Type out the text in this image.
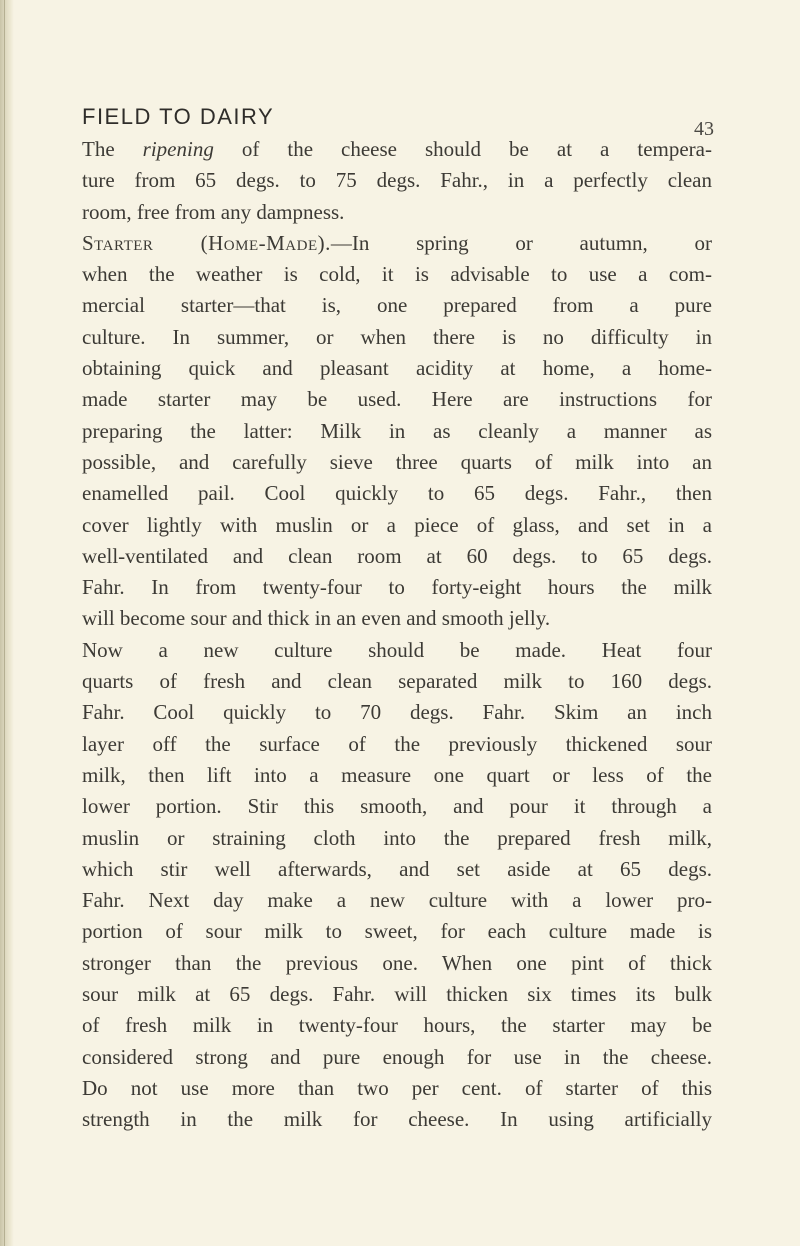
FIELD TO DAIRY	43
The ripening of the cheese should be at a tempera-
ture from 65 degs. to 75 degs. Fahr., in a perfectly clean
room, free from any dampness.
Starter (Home-Made).—In spring or autumn, or
when the weather is cold, it is advisable to use a com-
mercial starter—that is, one prepared from a pure
culture. In summer, or when there is no difficulty in
obtaining quick and pleasant acidity at home, a home-
made starter may be used. Here are instructions for
preparing the latter: Milk in as cleanly a manner as
possible, and carefully sieve three quarts of milk into an
enamelled pail. Cool quickly to 65 degs. Fahr., then
cover lightly with muslin or a piece of glass, and set in a
well-ventilated and clean room at 60 degs. to 65 degs.
Fahr. In from twenty-four to forty-eight hours the milk
will become sour and thick in an even and smooth jelly.
Now a new culture should be made. Heat four
quarts of fresh and clean separated milk to 160 degs.
Fahr. Cool quickly to 70 degs. Fahr. Skim an inch
layer off the surface of the previously thickened sour
milk, then lift into a measure one quart or less of the
lower portion. Stir this smooth, and pour it through a
muslin or straining cloth into the prepared fresh milk,
which stir well afterwards, and set aside at 65 degs.
Fahr. Next day make a new culture with a lower pro-
portion of sour milk to sweet, for each culture made is
stronger than the previous one. When one pint of thick
sour milk at 65 degs. Fahr. will thicken six times its bulk
of fresh milk in twenty-four hours, the starter may be
considered strong and pure enough for use in the cheese.
Do not use more than two per cent. of starter of this
strength in the milk for cheese. In using artificially
